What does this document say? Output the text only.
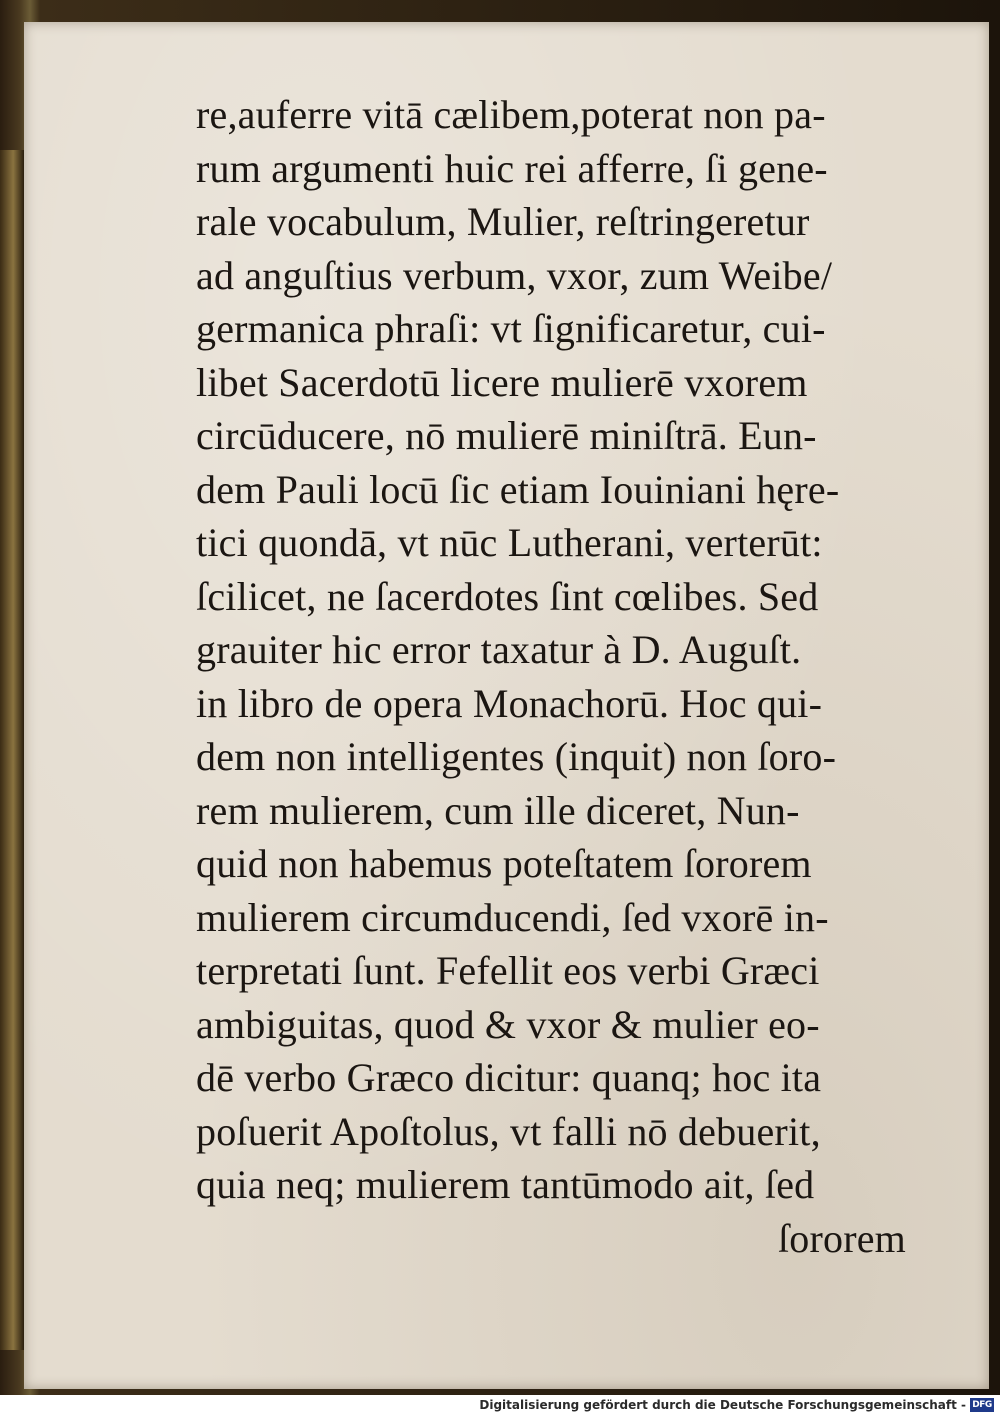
re,auferre vitā cælibem,poterat non pa-
rum argumenti huic rei afferre, ſi gene-
rale vocabulum, Mulier, reſtringeretur
ad anguſtius verbum, vxor, zum Weibe/
germanica phraſi: vt ſignificaretur, cui-
libet Sacerdotū licere mulierē vxorem
circūducere, nō mulierē miniſtrā. Eun-
dem Pauli locū ſic etiam Iouiniani hęre-
tici quondā, vt nūc Lutherani, verterūt:
ſcilicet, ne ſacerdotes ſint cœlibes. Sed
grauiter hic error taxatur à D. Auguſt.
in libro de opera Monachorū. Hoc qui-
dem non intelligentes (inquit) non ſoro-
rem mulierem, cum ille diceret, Nun-
quid non habemus poteſtatem ſororem
mulierem circumducendi, ſed vxorē in-
terpretati ſunt. Fefellit eos verbi Græci
ambiguitas, quod & vxor & mulier eo-
dē verbo Græco dicitur: quanq; hoc ita
poſuerit Apoſtolus, vt falli nō debuerit,
quia neq; mulierem tantūmodo ait, ſed
ſororem
Digitalisierung gefördert durch die Deutsche Forschungsgemeinschaft - DFG
